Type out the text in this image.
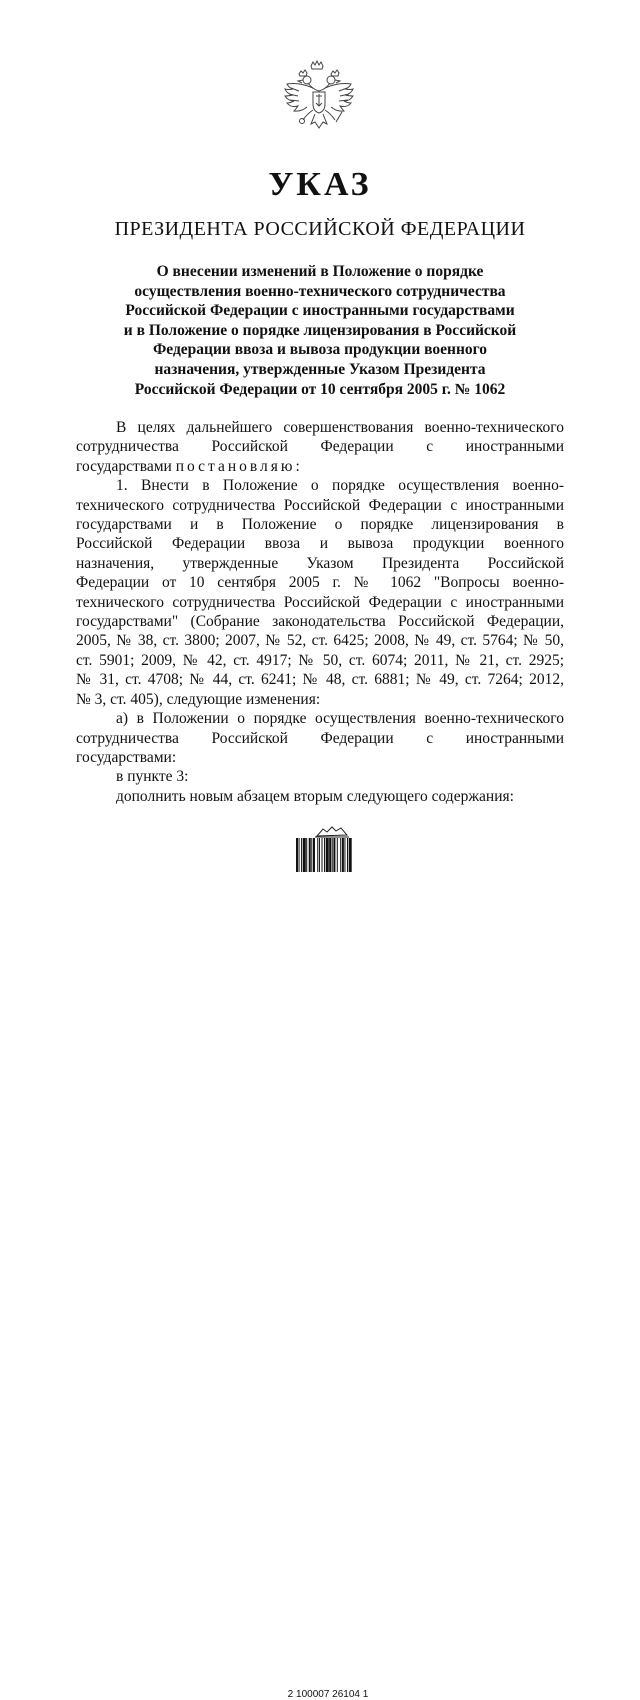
УКАЗ
ПРЕЗИДЕНТА РОССИЙСКОЙ ФЕДЕРАЦИИ
О внесении изменений в Положение о порядке
осуществления военно-технического сотрудничества
Российской Федерации с иностранными государствами
и в Положение о порядке лицензирования в Российской
Федерации ввоза и вывоза продукции военного
назначения, утвержденные Указом Президента
Российской Федерации от 10 сентября 2005 г. № 1062
В целях дальнейшего совершенствования военно-технического
сотрудничества Российской Федерации с иностранными
государствами постановляю:
1. Внести в Положение о порядке осуществления военно-
технического сотрудничества Российской Федерации с иностранными
государствами и в Положение о порядке лицензирования в
Российской Федерации ввоза и вывоза продукции военного
назначения, утвержденные Указом Президента Российской
Федерации от 10 сентября 2005 г. № 1062 "Вопросы военно-
технического сотрудничества Российской Федерации с иностранными
государствами" (Собрание законодательства Российской Федерации,
2005, № 38, ст. 3800; 2007, № 52, ст. 6425; 2008, № 49, ст. 5764; № 50,
ст. 5901; 2009, № 42, ст. 4917; № 50, ст. 6074; 2011, № 21, ст. 2925;
№ 31, ст. 4708; № 44, ст. 6241; № 48, ст. 6881; № 49, ст. 7264; 2012,
№ 3, ст. 405), следующие изменения:
а) в Положении о порядке осуществления военно-технического
сотрудничества Российской Федерации с иностранными
государствами:
в пункте 3:
дополнить новым абзацем вторым следующего содержания:
2 100007 26104 1
